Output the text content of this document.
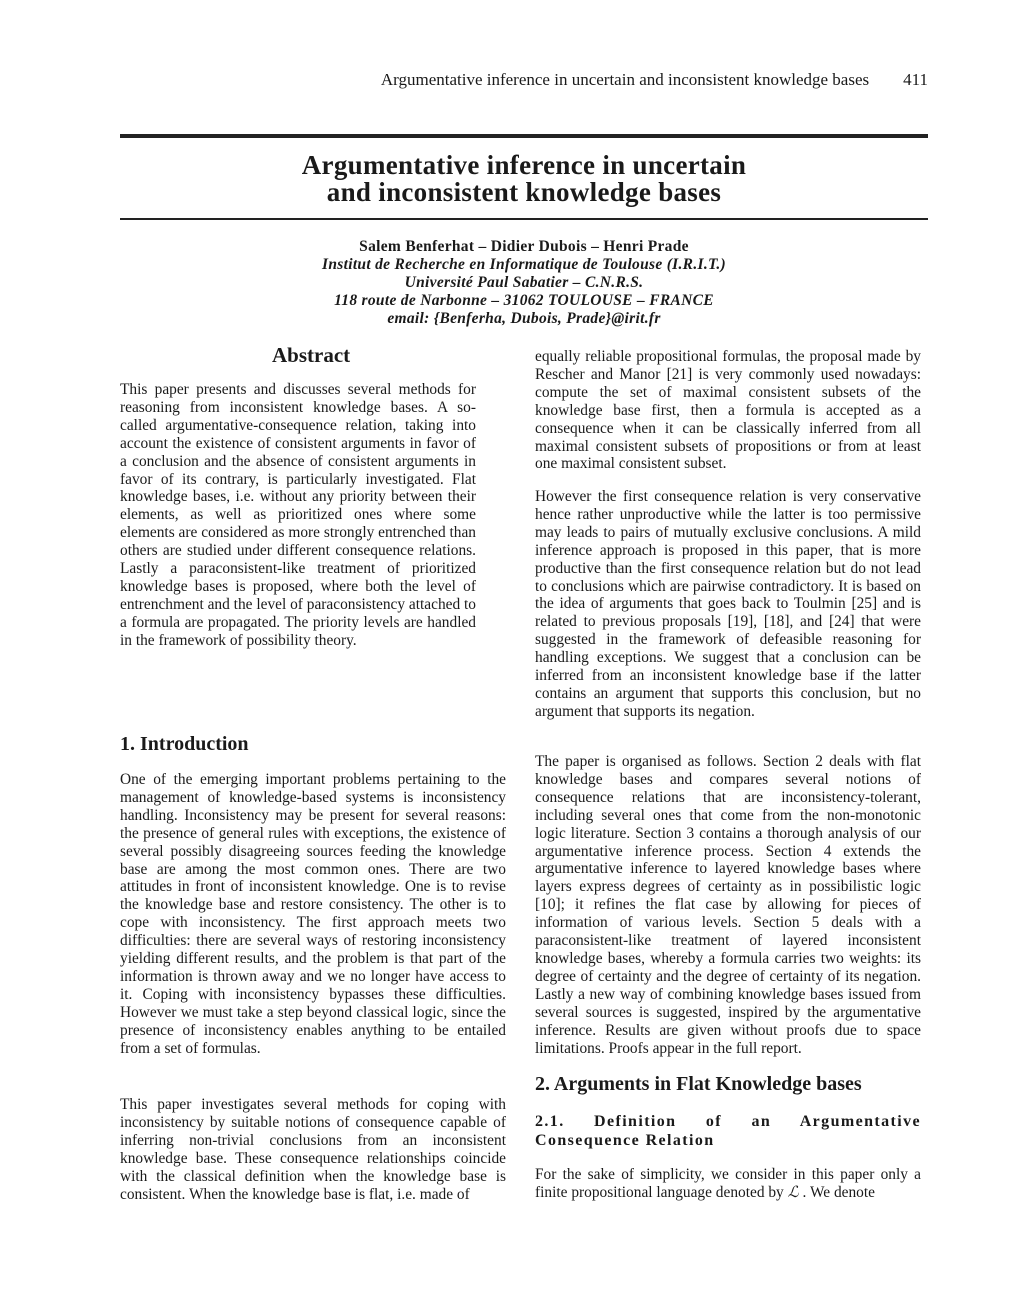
Argumentative inference in uncertain and inconsistent knowledge bases 411
Argumentative inference in uncertain
and inconsistent knowledge bases
Salem Benferhat – Didier Dubois – Henri Prade
Institut de Recherche en Informatique de Toulouse (I.R.I.T.)
Université Paul Sabatier – C.N.R.S.
118 route de Narbonne – 31062 TOULOUSE – FRANCE
email: {Benferha, Dubois, Prade}@irit.fr
Abstract

This paper presents and discusses several methods for reasoning from inconsistent knowledge bases. A so-called argumentative-consequence relation, taking into account the existence of consistent arguments in favor of a conclusion and the absence of consistent arguments in favor of its contrary, is particularly investigated. Flat knowledge bases, i.e. without any priority between their elements, as well as prioritized ones where some elements are considered as more strongly entrenched than others are studied under different consequence relations. Lastly a paraconsistent-like treatment of prioritized knowledge bases is proposed, where both the level of entrenchment and the level of paraconsistency attached to a formula are propagated. The priority levels are handled in the framework of possibility theory.

1. Introduction

One of the emerging important problems pertaining to the management of knowledge-based systems is inconsistency handling. Inconsistency may be present for several reasons: the presence of general rules with exceptions, the existence of several possibly disagreeing sources feeding the knowledge base are among the most common ones. There are two attitudes in front of inconsistent knowledge. One is to revise the knowledge base and restore consistency. The other is to cope with inconsistency. The first approach meets two difficulties: there are several ways of restoring inconsistency yielding different results, and the problem is that part of the information is thrown away and we no longer have access to it. Coping with inconsistency bypasses these difficulties. However we must take a step beyond classical logic, since the presence of inconsistency enables anything to be entailed from a set of formulas.

This paper investigates several methods for coping with inconsistency by suitable notions of consequence capable of inferring non-trivial conclusions from an inconsistent knowledge base. These consequence relationships coincide with the classical definition when the knowledge base is consistent. When the knowledge base is flat, i.e. made of

equally reliable propositional formulas, the proposal made by Rescher and Manor [21] is very commonly used nowadays: compute the set of maximal consistent subsets of the knowledge base first, then a formula is accepted as a consequence when it can be classically inferred from all maximal consistent subsets of propositions or from at least one maximal consistent subset.

However the first consequence relation is very conservative hence rather unproductive while the latter is too permissive may leads to pairs of mutually exclusive conclusions. A mild inference approach is proposed in this paper, that is more productive than the first consequence relation but do not lead to conclusions which are pairwise contradictory. It is based on the idea of arguments that goes back to Toulmin [25] and is related to previous proposals [19], [18], and [24] that were suggested in the framework of defeasible reasoning for handling exceptions. We suggest that a conclusion can be inferred from an inconsistent knowledge base if the latter contains an argument that supports this conclusion, but no argument that supports its negation.

The paper is organised as follows. Section 2 deals with flat knowledge bases and compares several notions of consequence relations that are inconsistency-tolerant, including several ones that come from the non-monotonic logic literature. Section 3 contains a thorough analysis of our argumentative inference process. Section 4 extends the argumentative inference to layered knowledge bases where layers express degrees of certainty as in possibilistic logic [10]; it refines the flat case by allowing for pieces of information of various levels. Section 5 deals with a paraconsistent-like treatment of layered inconsistent knowledge bases, whereby a formula carries two weights: its degree of certainty and the degree of certainty of its negation. Lastly a new way of combining knowledge bases issued from several sources is suggested, inspired by the argumentative inference. Results are given without proofs due to space limitations. Proofs appear in the full report.

2. Arguments in Flat Knowledge bases
2.1. Definition of an Argumentative Consequence Relation

For the sake of simplicity, we consider in this paper only a finite propositional language denoted by ℒ . We denote
